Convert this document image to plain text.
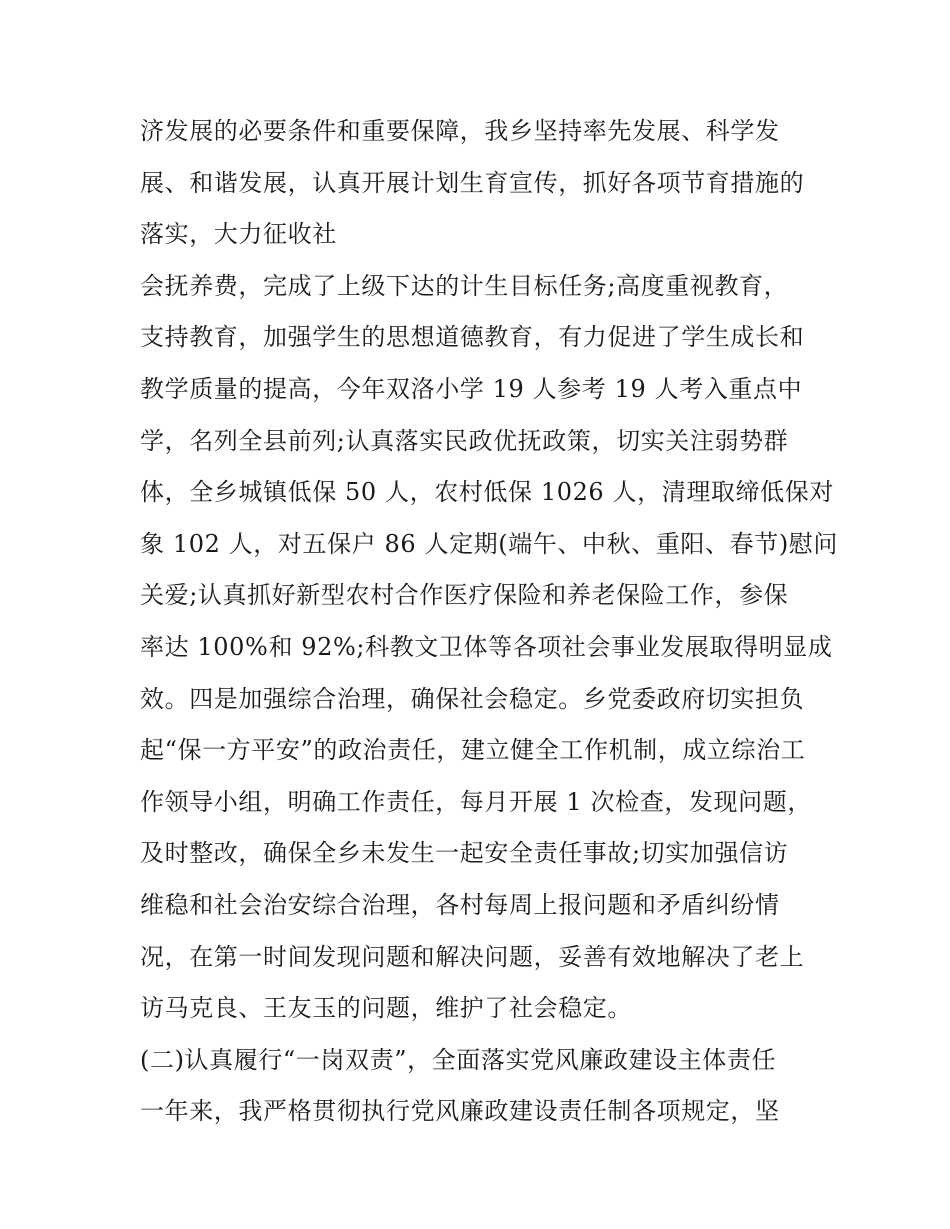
济发展的必要条件和重要保障，我乡坚持率先发展、科学发
展、和谐发展，认真开展计划生育宣传，抓好各项节育措施的
落实，大力征收社
会抚养费，完成了上级下达的计生目标任务;高度重视教育，
支持教育，加强学生的思想道德教育，有力促进了学生成长和
教学质量的提高，今年双洛小学 19 人参考 19 人考入重点中
学，名列全县前列;认真落实民政优抚政策，切实关注弱势群
体，全乡城镇低保 50 人，农村低保 1026 人，清理取缔低保对
象 102 人，对五保户 86 人定期(端午、中秋、重阳、春节)慰问
关爱;认真抓好新型农村合作医疗保险和养老保险工作，参保
率达 100%和 92%;科教文卫体等各项社会事业发展取得明显成
效。四是加强综合治理，确保社会稳定。乡党委政府切实担负
起“保一方平安”的政治责任，建立健全工作机制，成立综治工
作领导小组，明确工作责任，每月开展 1 次检查，发现问题，
及时整改，确保全乡未发生一起安全责任事故;切实加强信访
维稳和社会治安综合治理，各村每周上报问题和矛盾纠纷情
况，在第一时间发现问题和解决问题，妥善有效地解决了老上
访马克良、王友玉的问题，维护了社会稳定。
(二)认真履行“一岗双责”，全面落实党风廉政建设主体责任
一年来，我严格贯彻执行党风廉政建设责任制各项规定，坚
